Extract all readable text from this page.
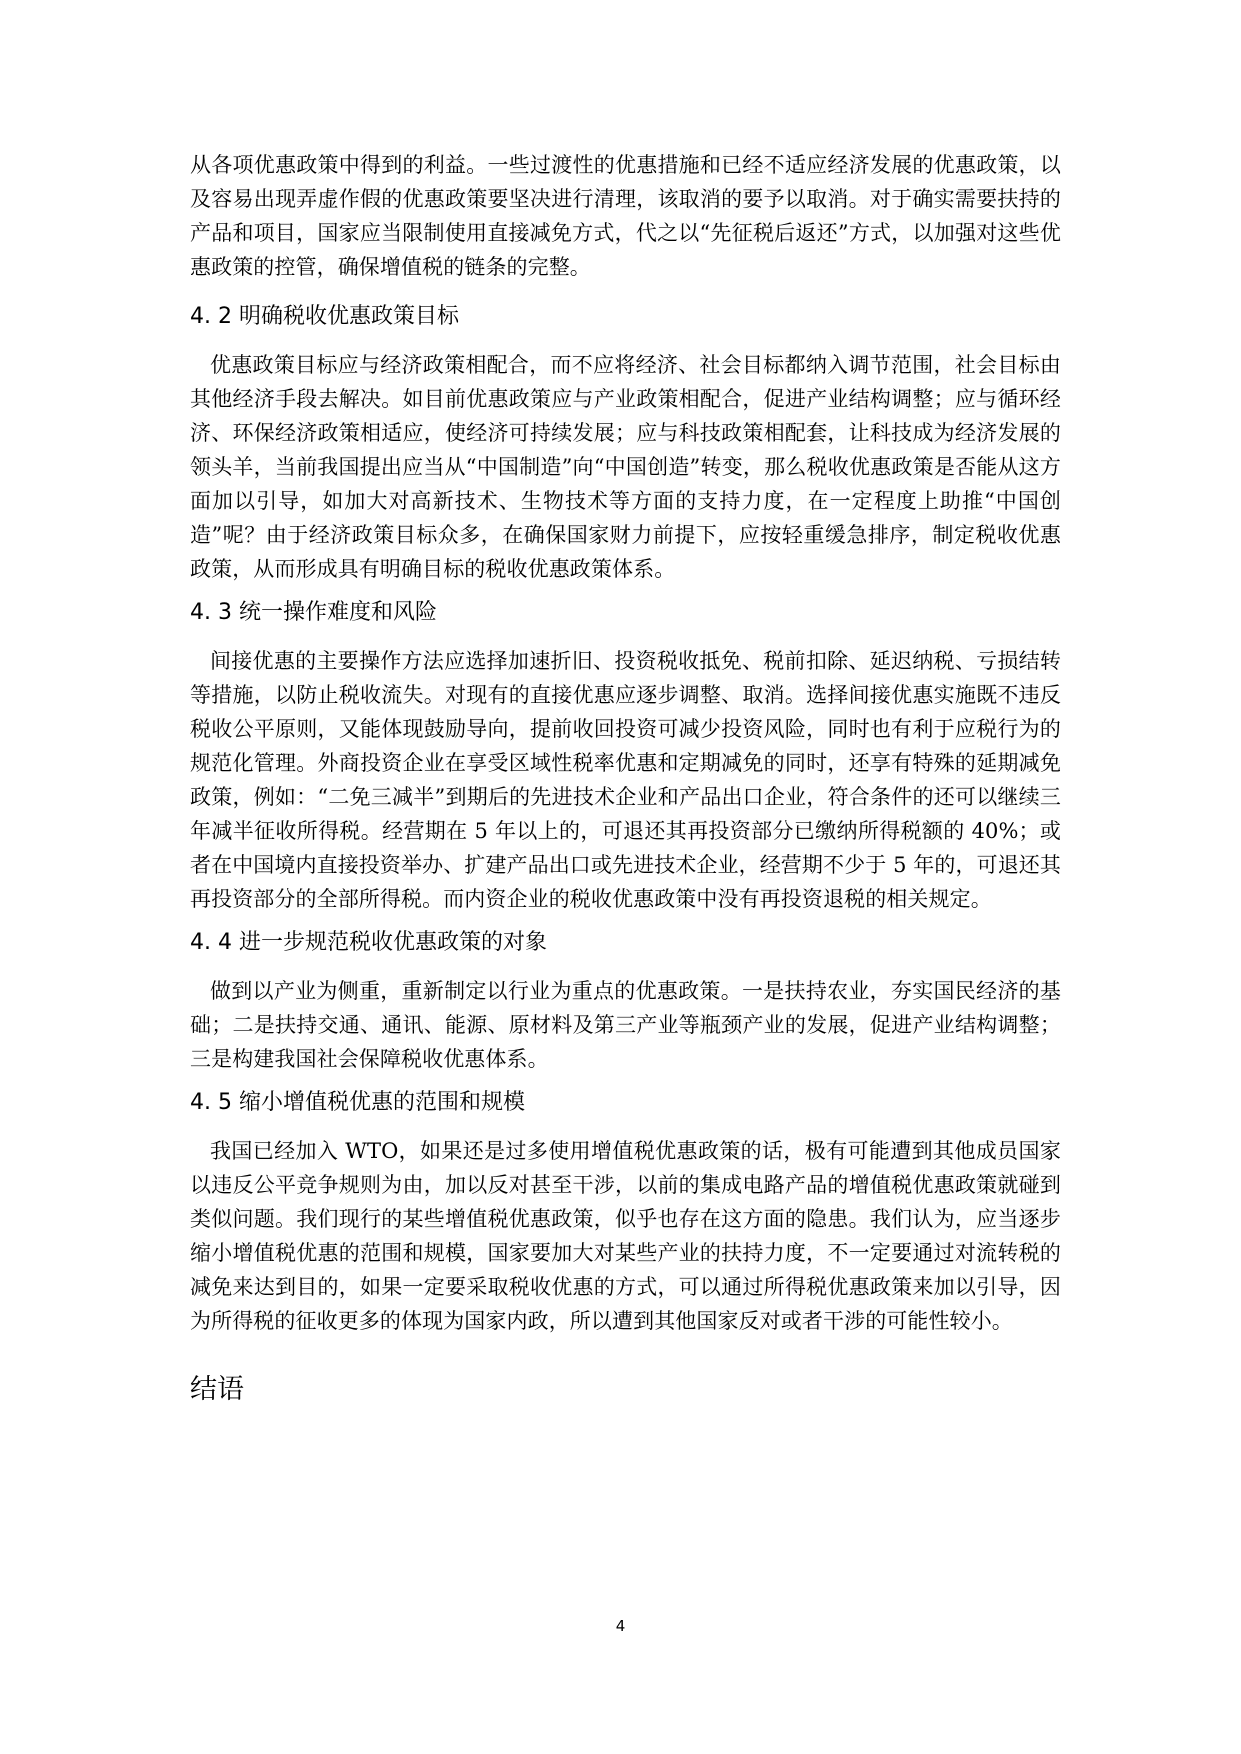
从各项优惠政策中得到的利益。一些过渡性的优惠措施和已经不适应经济发展的优惠政策，以及容易出现弄虚作假的优惠政策要坚决进行清理，该取消的要予以取消。对于确实需要扶持的产品和项目，国家应当限制使用直接减免方式，代之以“先征税后返还”方式，以加强对这些优惠政策的控管，确保增值税的链条的完整。

4. 2 明确税收优惠政策目标

优惠政策目标应与经济政策相配合，而不应将经济、社会目标都纳入调节范围，社会目标由其他经济手段去解决。如目前优惠政策应与产业政策相配合，促进产业结构调整；应与循环经济、环保经济政策相适应，使经济可持续发展；应与科技政策相配套，让科技成为经济发展的领头羊，当前我国提出应当从“中国制造”向“中国创造”转变，那么税收优惠政策是否能从这方面加以引导，如加大对高新技术、生物技术等方面的支持力度，在一定程度上助推“中国创造”呢？由于经济政策目标众多，在确保国家财力前提下，应按轻重缓急排序，制定税收优惠政策，从而形成具有明确目标的税收优惠政策体系。

4. 3 统一操作难度和风险

间接优惠的主要操作方法应选择加速折旧、投资税收抵免、税前扣除、延迟纳税、亏损结转等措施，以防止税收流失。对现有的直接优惠应逐步调整、取消。选择间接优惠实施既不违反税收公平原则，又能体现鼓励导向，提前收回投资可减少投资风险，同时也有利于应税行为的规范化管理。外商投资企业在享受区域性税率优惠和定期减免的同时，还享有特殊的延期减免政策，例如：“二免三减半”到期后的先进技术企业和产品出口企业，符合条件的还可以继续三年减半征收所得税。经营期在 5 年以上的，可退还其再投资部分已缴纳所得税额的 40%；或者在中国境内直接投资举办、扩建产品出口或先进技术企业，经营期不少于 5 年的，可退还其再投资部分的全部所得税。而内资企业的税收优惠政策中没有再投资退税的相关规定。

4. 4 进一步规范税收优惠政策的对象

做到以产业为侧重，重新制定以行业为重点的优惠政策。一是扶持农业，夯实国民经济的基础；二是扶持交通、通讯、能源、原材料及第三产业等瓶颈产业的发展，促进产业结构调整；三是构建我国社会保障税收优惠体系。

4. 5 缩小增值税优惠的范围和规模

我国已经加入 WTO，如果还是过多使用增值税优惠政策的话，极有可能遭到其他成员国家以违反公平竞争规则为由，加以反对甚至干涉，以前的集成电路产品的增值税优惠政策就碰到类似问题。我们现行的某些增值税优惠政策，似乎也存在这方面的隐患。我们认为，应当逐步缩小增值税优惠的范围和规模，国家要加大对某些产业的扶持力度，不一定要通过对流转税的减免来达到目的，如果一定要采取税收优惠的方式，可以通过所得税优惠政策来加以引导，因为所得税的征收更多的体现为国家内政，所以遭到其他国家反对或者干涉的可能性较小。

结语
4
